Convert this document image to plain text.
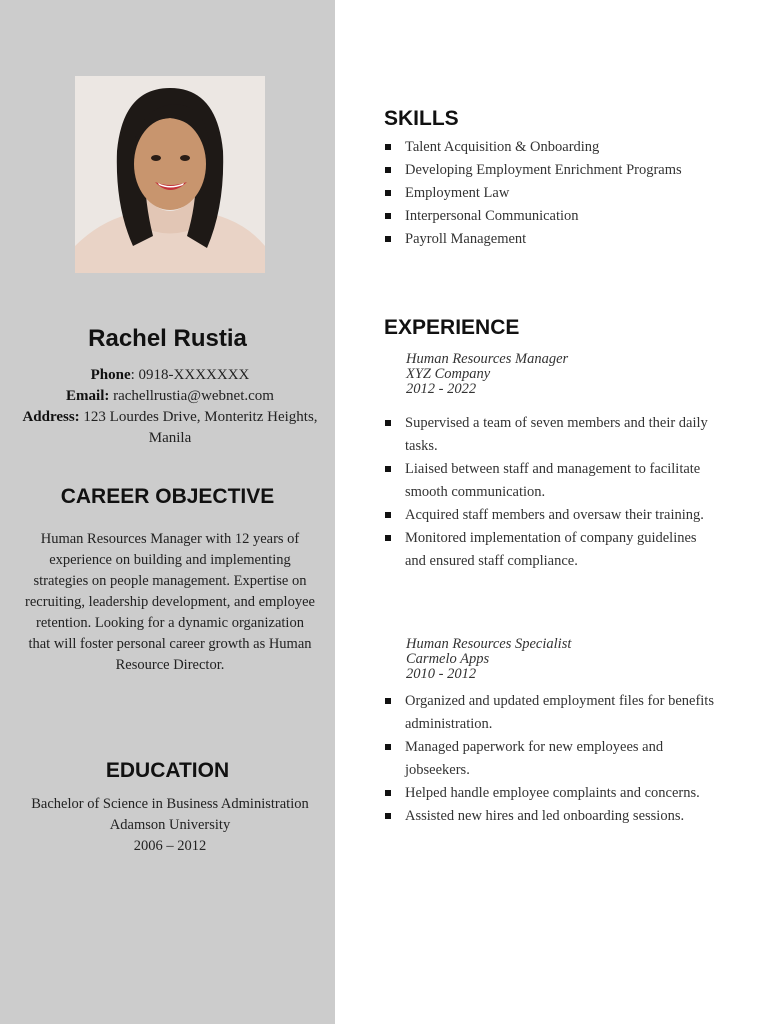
Rachel Rustia
Phone: 0918-XXXXXXX
Email: rachellrustia@webnet.com
Address: 123 Lourdes Drive, Monteritz Heights, Manila
CAREER OBJECTIVE
Human Resources Manager with 12 years of experience on building and implementing strategies on people management. Expertise on recruiting, leadership development, and employee retention. Looking for a dynamic organization that will foster personal career growth as Human Resource Director.
EDUCATION
Bachelor of Science in Business Administration
Adamson University
2006 – 2012
SKILLS
Talent Acquisition & Onboarding
Developing Employment Enrichment Programs
Employment Law
Interpersonal Communication
Payroll Management
EXPERIENCE
Human Resources Manager
XYZ Company
2012 - 2022
Supervised a team of seven members and their daily tasks.
Liaised between staff and management to facilitate smooth communication.
Acquired staff members and oversaw their training.
Monitored implementation of company guidelines and ensured staff compliance.
Human Resources Specialist
Carmelo Apps
2010 - 2012
Organized and updated employment files for benefits administration.
Managed paperwork for new employees and jobseekers.
Helped handle employee complaints and concerns.
Assisted new hires and led onboarding sessions.
